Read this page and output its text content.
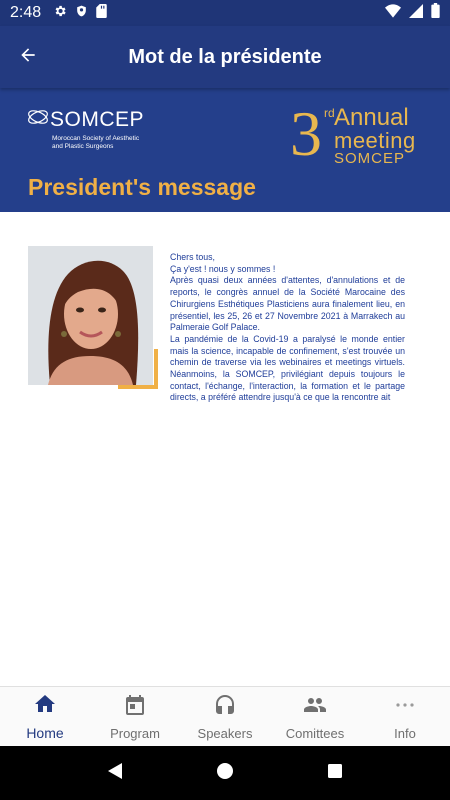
2:48
Mot de la présidente
SOMCEP
Moroccan Society of Aesthetic and Plastic Surgeons	3 rd Annual
meeting
SOMCEP
President's message

Chers tous,

Ça y'est ! nous y sommes !

Après quasi deux années d'attentes, d'annulations et de reports, le congrès annuel de la Société Marocaine des Chirurgiens Esthétiques Plasticiens aura finalement lieu, en présentiel, les 25, 26 et 27 Novembre 2021 à Marrakech au Palmeraie Golf Palace.

La pandémie de la Covid-19 a paralysé le monde entier mais la science, incapable de confinement, s'est trouvée un chemin de traverse via les webinaires et meetings virtuels. Néanmoins, la SOMCEP, privilégiant depuis toujours le contact, l'échange, l'interaction, la formation et le partage directs, a préféré attendre jusqu'à ce que la rencontre ait

Home	Program	Speakers	Comittees	Info
